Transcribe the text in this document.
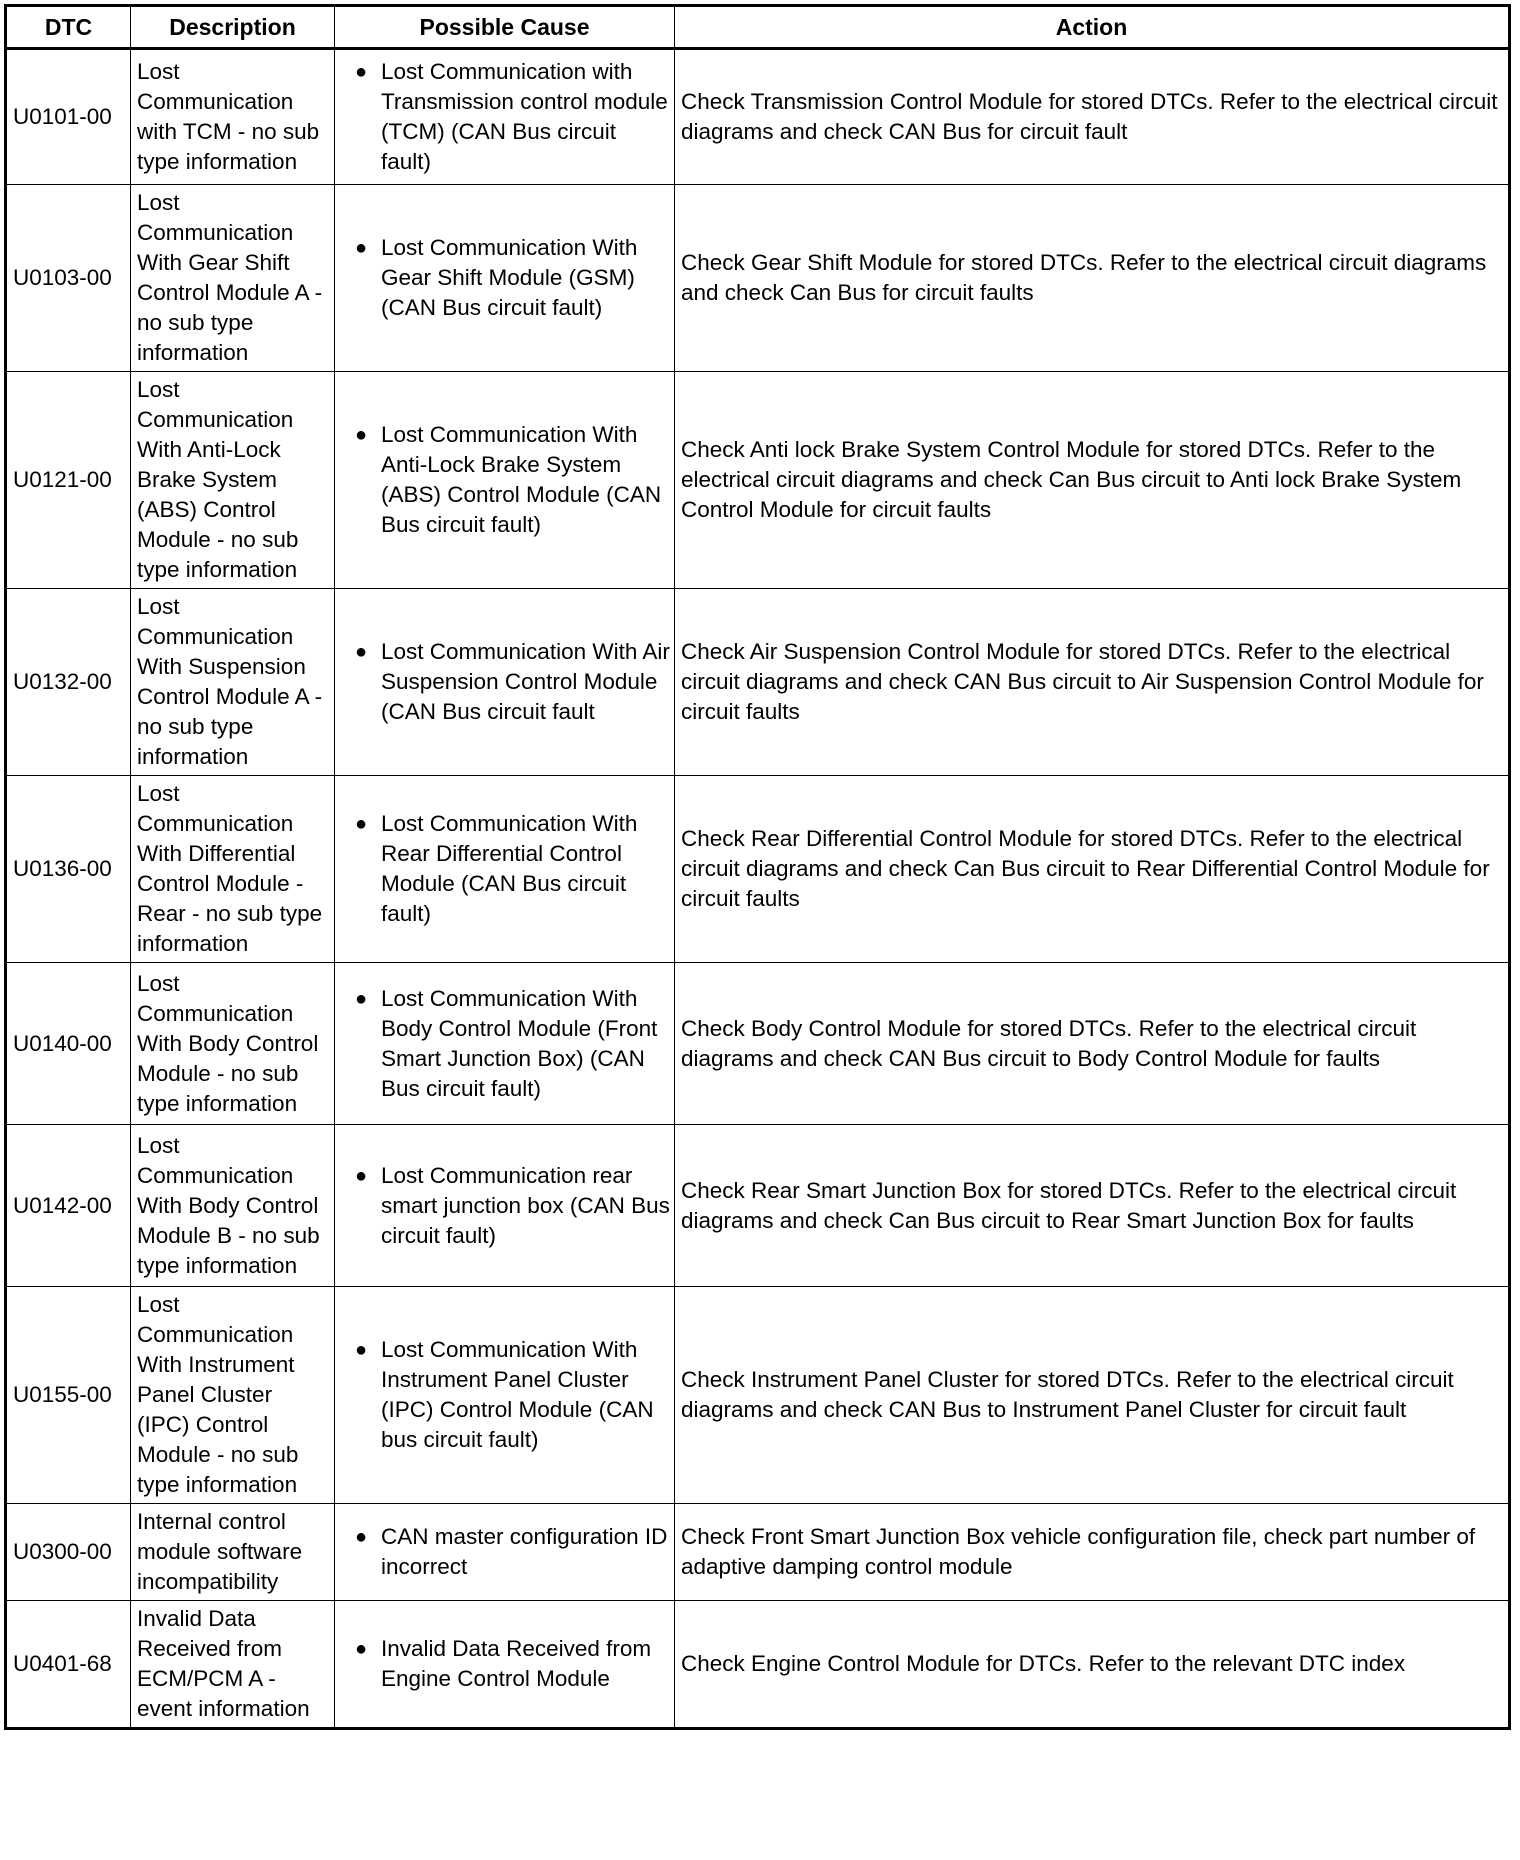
DTC	Description	Possible Cause	Action
U0101-00	Lost Communication with TCM - no sub type information	● Lost Communication with Transmission control module (TCM) (CAN Bus circuit fault)	Check Transmission Control Module for stored DTCs. Refer to the electrical circuit diagrams and check CAN Bus for circuit fault
U0103-00	Lost Communication With Gear Shift Control Module A - no sub type information	● Lost Communication With Gear Shift Module (GSM) (CAN Bus circuit fault)	Check Gear Shift Module for stored DTCs. Refer to the electrical circuit diagrams and check Can Bus for circuit faults
U0121-00	Lost Communication With Anti-Lock Brake System (ABS) Control Module - no sub type information	● Lost Communication With Anti-Lock Brake System (ABS) Control Module (CAN Bus circuit fault)	Check Anti lock Brake System Control Module for stored DTCs. Refer to the electrical circuit diagrams and check Can Bus circuit to Anti lock Brake System Control Module for circuit faults
U0132-00	Lost Communication With Suspension Control Module A - no sub type information	● Lost Communication With Air Suspension Control Module (CAN Bus circuit fault	Check Air Suspension Control Module for stored DTCs. Refer to the electrical circuit diagrams and check CAN Bus circuit to Air Suspension Control Module for circuit faults
U0136-00	Lost Communication With Differential Control Module - Rear - no sub type information	● Lost Communication With Rear Differential Control Module (CAN Bus circuit fault)	Check Rear Differential Control Module for stored DTCs. Refer to the electrical circuit diagrams and check Can Bus circuit to Rear Differential Control Module for circuit faults
U0140-00	Lost Communication With Body Control Module - no sub type information	● Lost Communication With Body Control Module (Front Smart Junction Box) (CAN Bus circuit fault)	Check Body Control Module for stored DTCs. Refer to the electrical circuit diagrams and check CAN Bus circuit to Body Control Module for faults
U0142-00	Lost Communication With Body Control Module B - no sub type information	● Lost Communication rear smart junction box (CAN Bus circuit fault)	Check Rear Smart Junction Box for stored DTCs. Refer to the electrical circuit diagrams and check Can Bus circuit to Rear Smart Junction Box for faults
U0155-00	Lost Communication With Instrument Panel Cluster (IPC) Control Module - no sub type information	● Lost Communication With Instrument Panel Cluster (IPC) Control Module (CAN bus circuit fault)	Check Instrument Panel Cluster for stored DTCs. Refer to the electrical circuit diagrams and check CAN Bus to Instrument Panel Cluster for circuit fault
U0300-00	Internal control module software incompatibility	● CAN master configuration ID incorrect	Check Front Smart Junction Box vehicle configuration file, check part number of adaptive damping control module
U0401-68	Invalid Data Received from ECM/PCM A - event information	● Invalid Data Received from Engine Control Module	Check Engine Control Module for DTCs. Refer to the relevant DTC index
